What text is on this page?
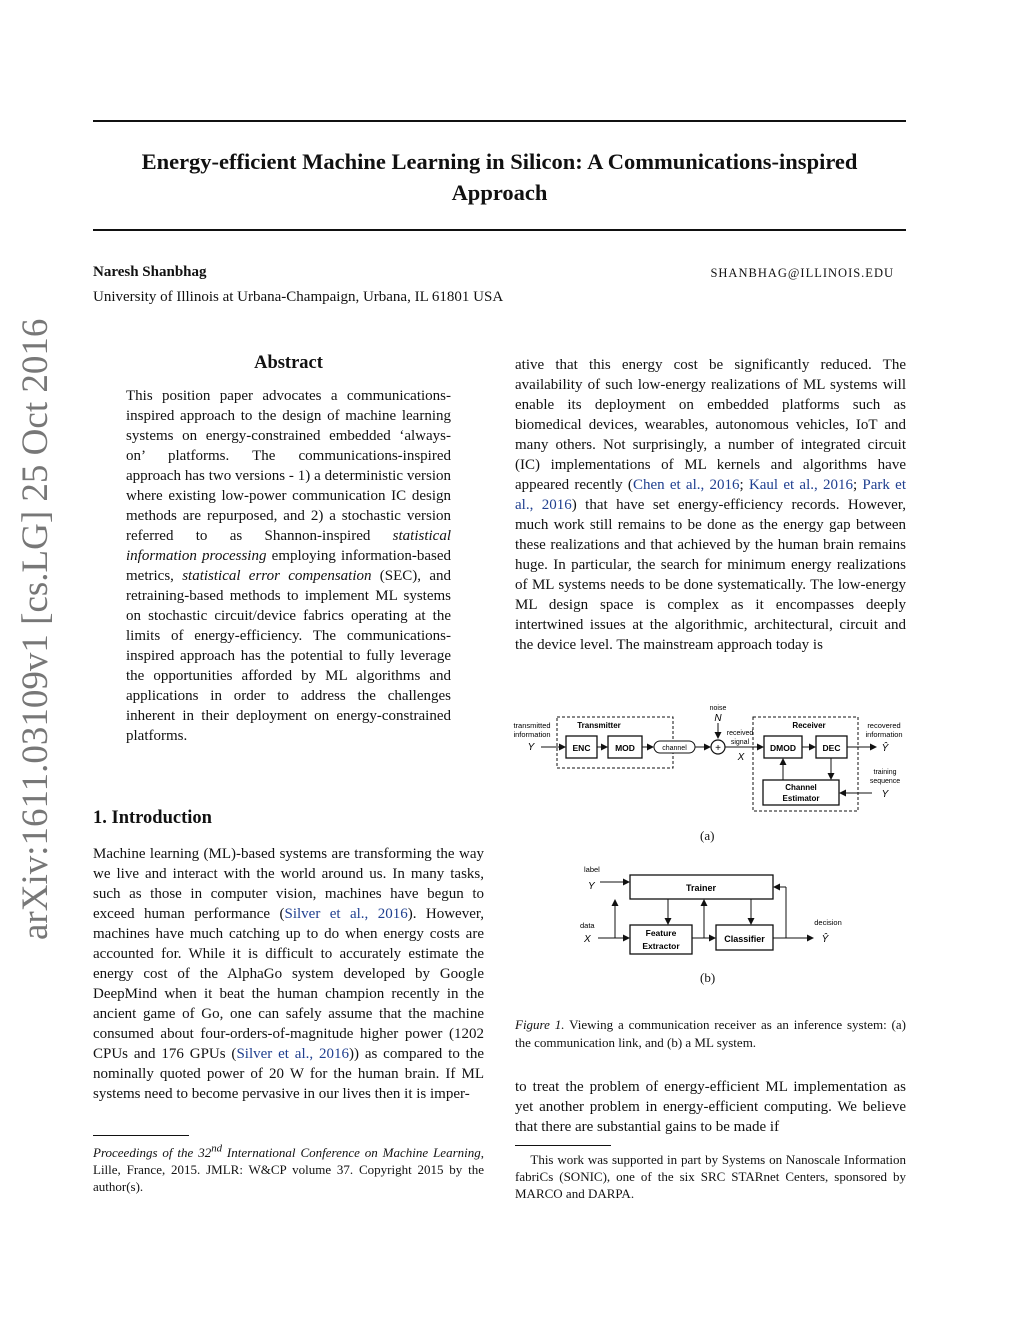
arXiv:1611.03109v1 [cs.LG] 25 Oct 2016
Energy-efficient Machine Learning in Silicon: A Communications-inspired
Approach
Naresh Shanbhag	SHANBHAG@ILLINOIS.EDU
University of Illinois at Urbana-Champaign, Urbana, IL 61801 USA
Abstract
This position paper advocates a communications-inspired approach to the design of machine learning systems on energy-constrained embedded ‘always-on’ platforms. The communications-inspired approach has two versions - 1) a deterministic version where existing low-power communication IC design methods are repurposed, and 2) a stochastic version referred to as Shannon-inspired statistical information processing employing information-based metrics, statistical error compensation (SEC), and retraining-based methods to implement ML systems on stochastic circuit/device fabrics operating at the limits of energy-efficiency. The communications-inspired approach has the potential to fully leverage the opportunities afforded by ML algorithms and applications in order to address the challenges inherent in their deployment on energy-constrained platforms.
1. Introduction
Machine learning (ML)-based systems are transforming the way we live and interact with the world around us. In many tasks, such as those in computer vision, machines have begun to exceed human performance (Silver et al., 2016). However, machines have much catching up to do when energy costs are accounted for. While it is difficult to accurately estimate the energy cost of the AlphaGo system developed by Google DeepMind when it beat the human champion recently in the ancient game of Go, one can safely assume that the machine consumed about four-orders-of-magnitude higher power (1202 CPUs and 176 GPUs (Silver et al., 2016)) as compared to the nominally quoted power of 20 W for the human brain. If ML systems need to become pervasive in our lives then it is imper-
ative that this energy cost be significantly reduced. The availability of such low-energy realizations of ML systems will enable its deployment on embedded platforms such as biomedical devices, wearables, autonomous vehicles, IoT and many others. Not surprisingly, a number of integrated circuit (IC) implementations of ML kernels and algorithms have appeared recently (Chen et al., 2016; Kaul et al., 2016; Park et al., 2016) that have set energy-efficiency records. However, much work still remains to be done as the energy gap between these realizations and that achieved by the human brain remains huge. In particular, the search for minimum energy realizations of ML systems needs to be done systematically. The low-energy ML design space is complex as it encompasses deeply intertwined issues at the algorithmic, architectural, circuit and the device level. The mainstream approach today is
transmitted
information
Y
Transmitter
ENC	MOD	channel
noise
N
+
received
signal
X
Receiver
DMOD	DEC
recovered
information
Ŷ
Channel
Estimator
training
sequence
Y
(a)
label
Y	Trainer
data
X
Feature
Extractor
Classifier
decision
Ŷ
(b)
Figure 1. Viewing a communication receiver as an inference system: (a) the communication link, and (b) a ML system.
to treat the problem of energy-efficient ML implementation as yet another problem in energy-efficient computing. We believe that there are substantial gains to be made if
Proceedings of the 32nd International Conference on Machine Learning, Lille, France, 2015. JMLR: W&CP volume 37. Copyright 2015 by the author(s).
This work was supported in part by Systems on Nanoscale Information fabriCs (SONIC), one of the six SRC STARnet Centers, sponsored by MARCO and DARPA.
